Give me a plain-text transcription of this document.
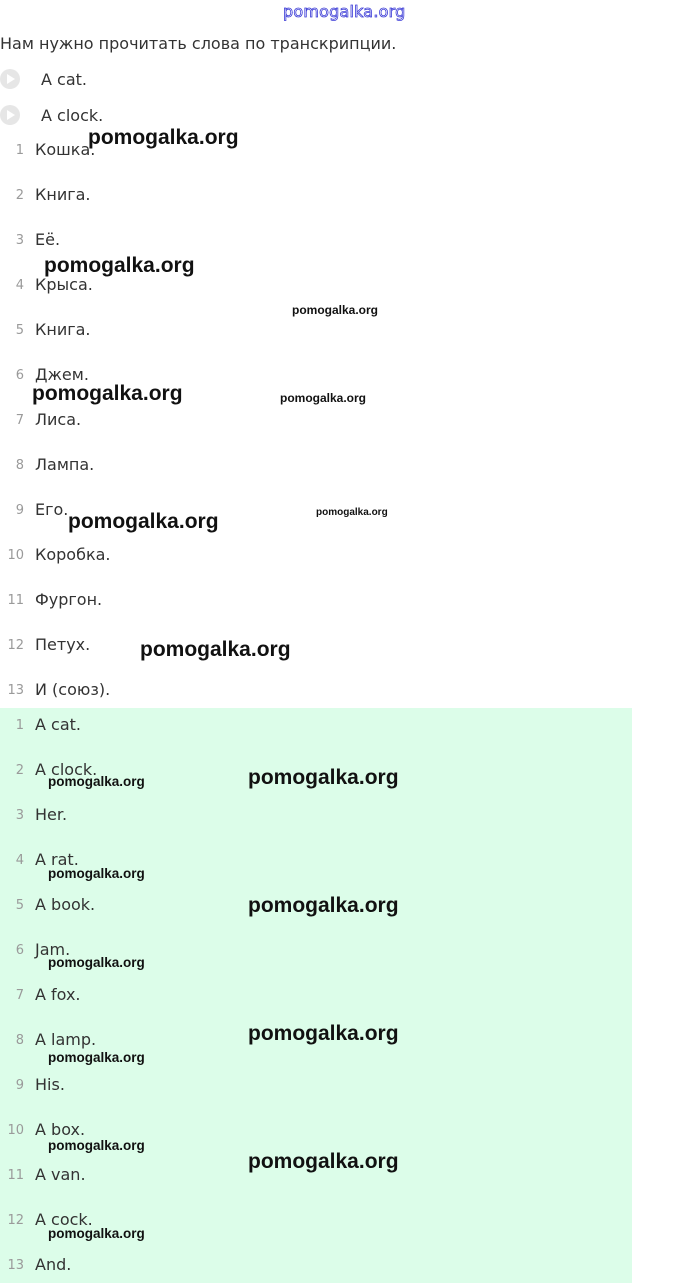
pomogalka.org
Нам нужно прочитать слова по транскрипции.
A cat.
A clock.
1 Кошка.
2 Книга.
3 Её.
4 Крыса.
5 Книга.
6 Джем.
7 Лиса.
8 Лампа.
9 Его.
10 Коробка.
11 Фургон.
12 Петух.
13 И (союз).
1 A cat.
2 A clock.
3 Her.
4 A rat.
5 A book.
6 Jam.
7 A fox.
8 A lamp.
9 His.
10 A box.
11 A van.
12 A cock.
13 And.
pomogalka.org
pomogalka.org
pomogalka.org
pomogalka.org	pomogalka.org
pomogalka.org	pomogalka.org
pomogalka.org
pomogalka.org
pomogalka.org
pomogalka.org
pomogalka.org
pomogalka.org
pomogalka.org
pomogalka.org
pomogalka.org
pomogalka.org
pomogalka.org
